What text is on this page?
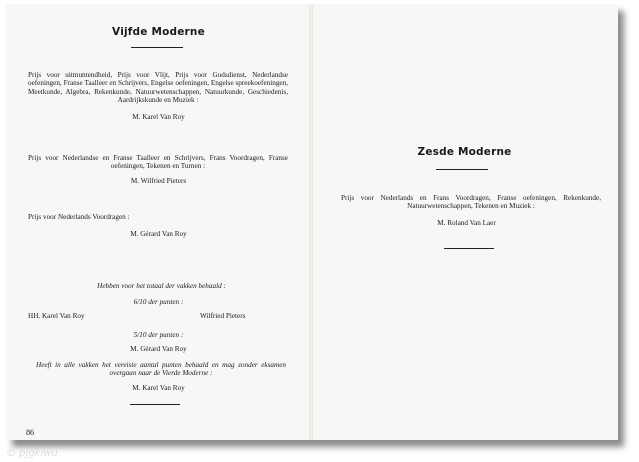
Vijfde Moderne
Prijs voor uitmuntendheid, Prijs voor Vlijt, Prijs voor Godsdienst, Nederlandse oefeningen, Franse Taalleer en Schrijvers, Engelse oefeningen, Engelse spreekoefeningen, Meetkunde, Algebra, Rekenkunde, Natuurwetenschappen, Natuurkunde, Geschiedenis, Aardrijkskunde en Muziek :
M. Karel Van Roy
Prijs voor Nederlandse en Franse Taalleer en Schrijvers, Frans Voordragen, Franse oefeningen, Tekenen en Turnen :
M. Wilfried Pieters
Prijs voor Nederlands Voordragen :
M. Gérard Van Roy
Hebben voor het totaal der vakken behaald :
6/10 der punten :
HH. Karel Van Roy	Wilfried Pieters
5/10 der punten :
M. Gérard Van Roy
Heeft in alle vakken het vereiste aantal punten behaald en mag zonder eksamen overgaan naar de Vierde Moderne :
M. Karel Van Roy
86
Zesde Moderne
Prijs voor Nederlands en Frans Voordragen, Franse oefeningen, Rekenkunde, Natuurwetenschappen, Tekenen en Muziek :
M. Roland Van Laer
© pjgkiwu
